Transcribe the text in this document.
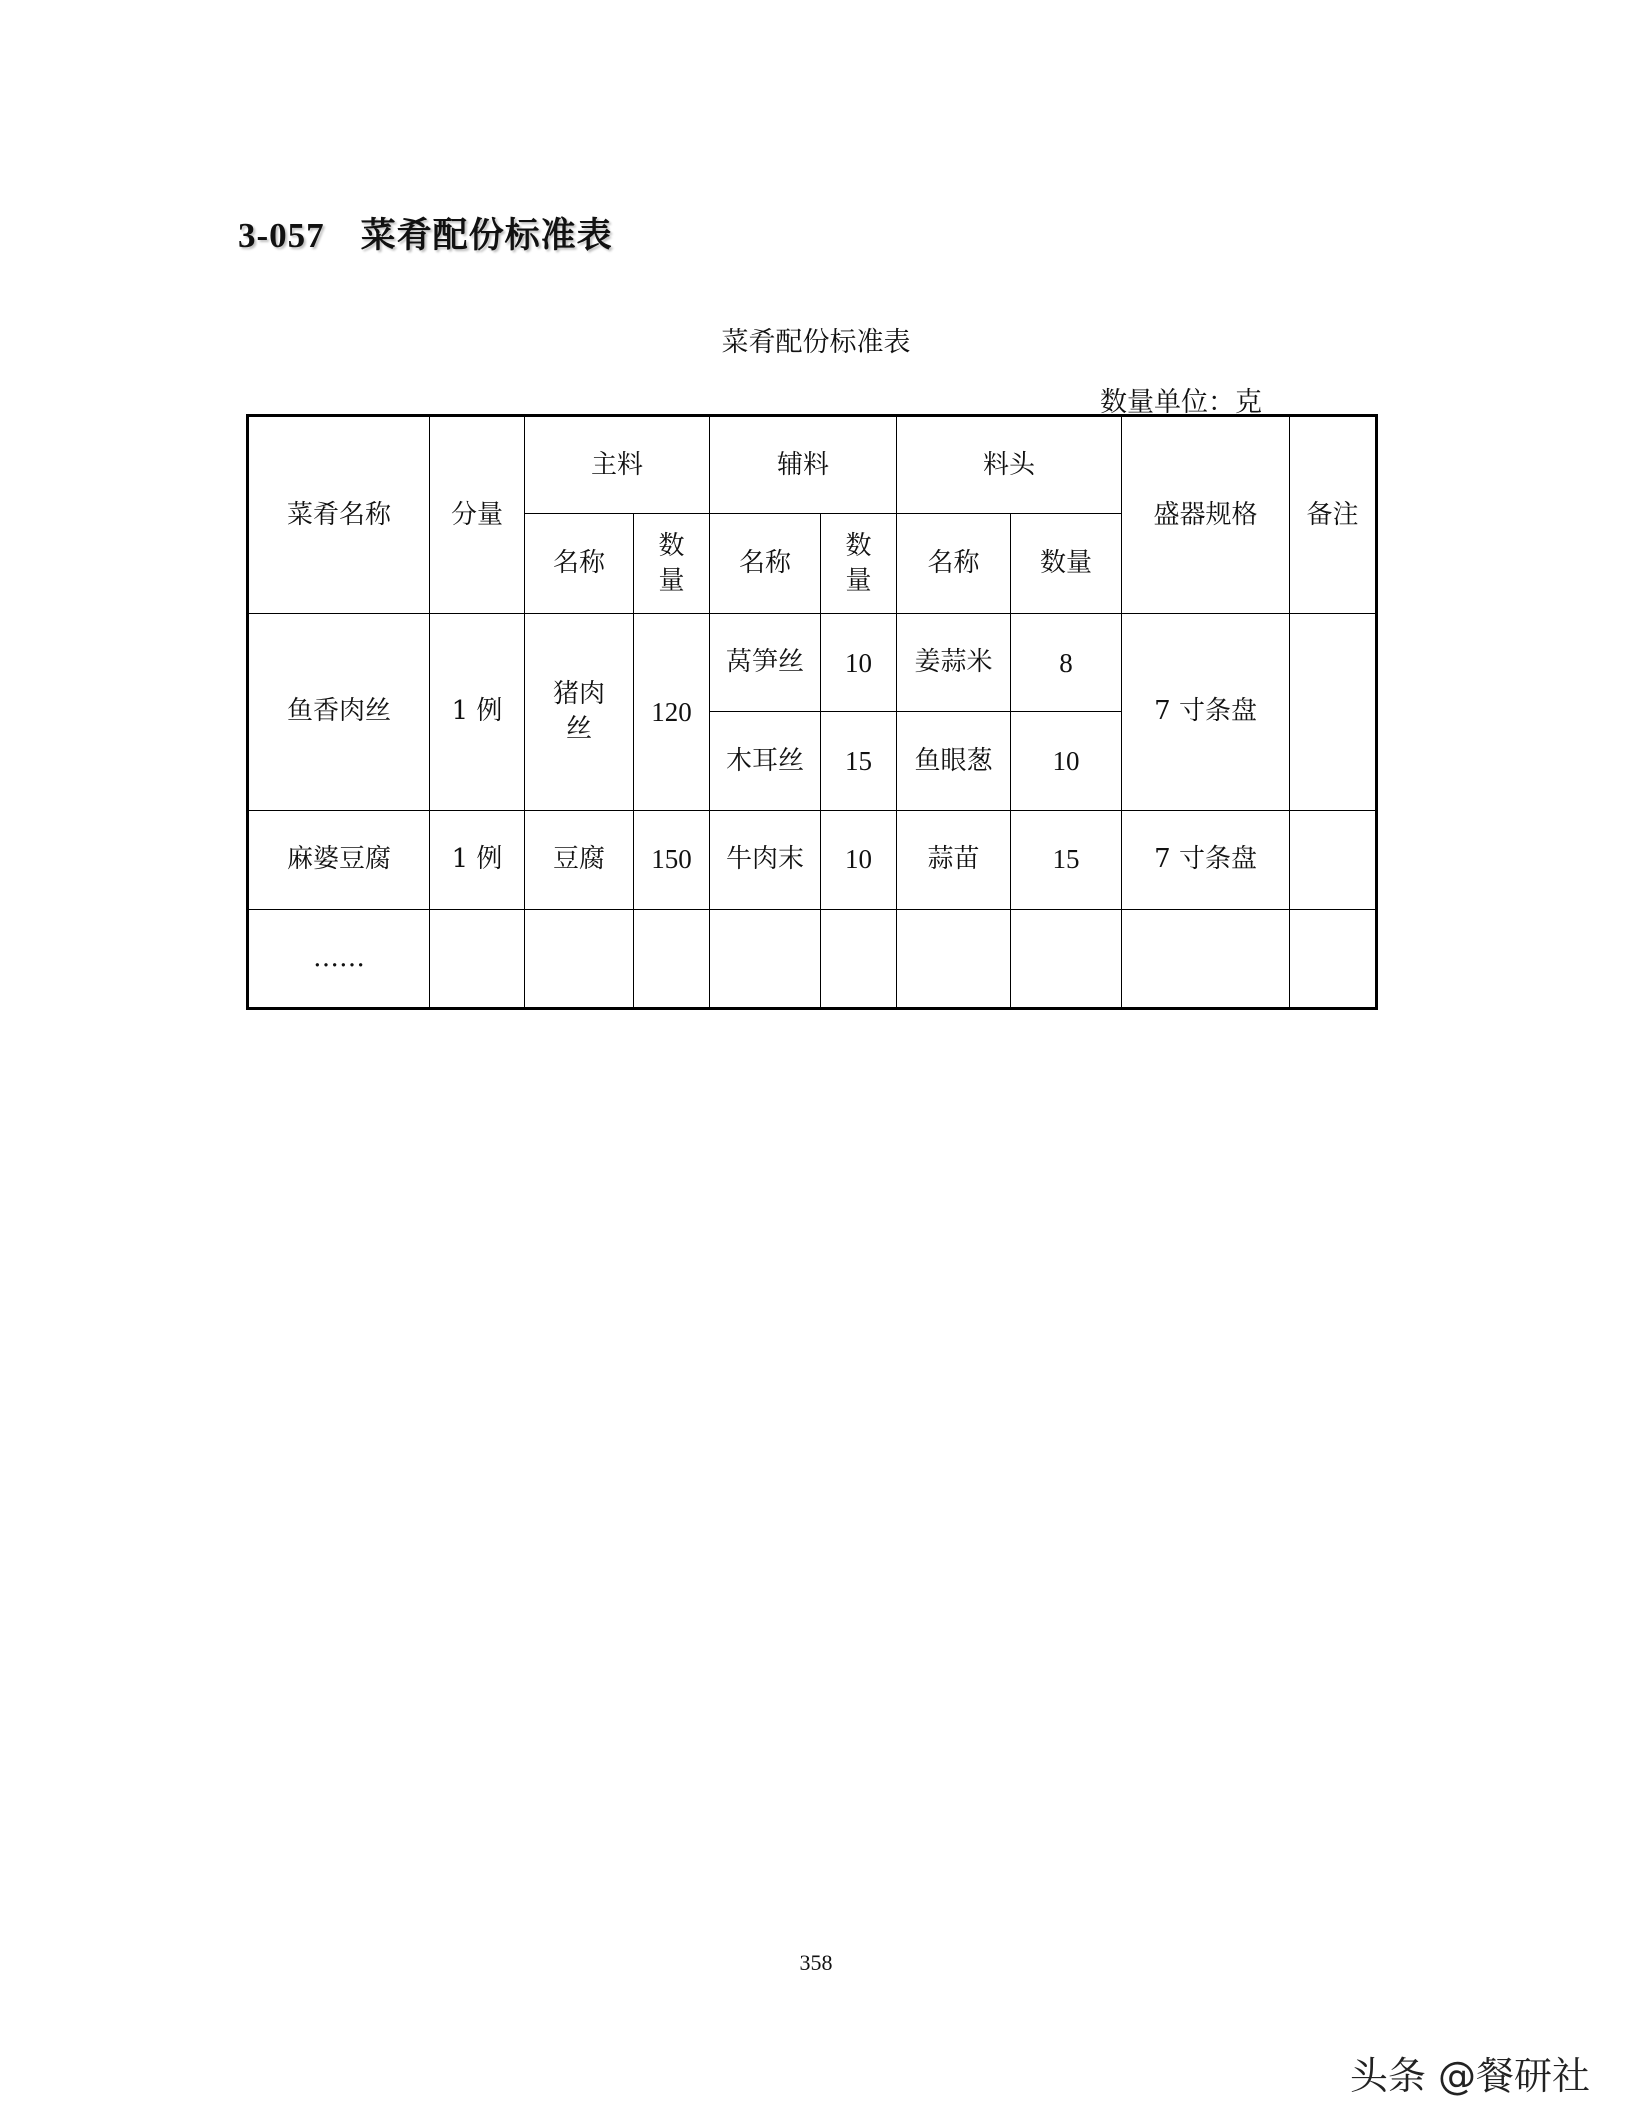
3-057 菜肴配份标准表
菜肴配份标准表
数量单位：克
菜肴名称	分量	主料		辅料		料头		盛器规格	备注
		名称	数量	名称	数量	名称	数量		
鱼香肉丝	1 例	猪肉丝	120	莴笋丝	10	姜蒜米	8	7 寸条盘	
				木耳丝	15	鱼眼葱	10		
麻婆豆腐	1 例	豆腐	150	牛肉末	10	蒜苗	15	7 寸条盘	
……									
358
头条 @餐研社
